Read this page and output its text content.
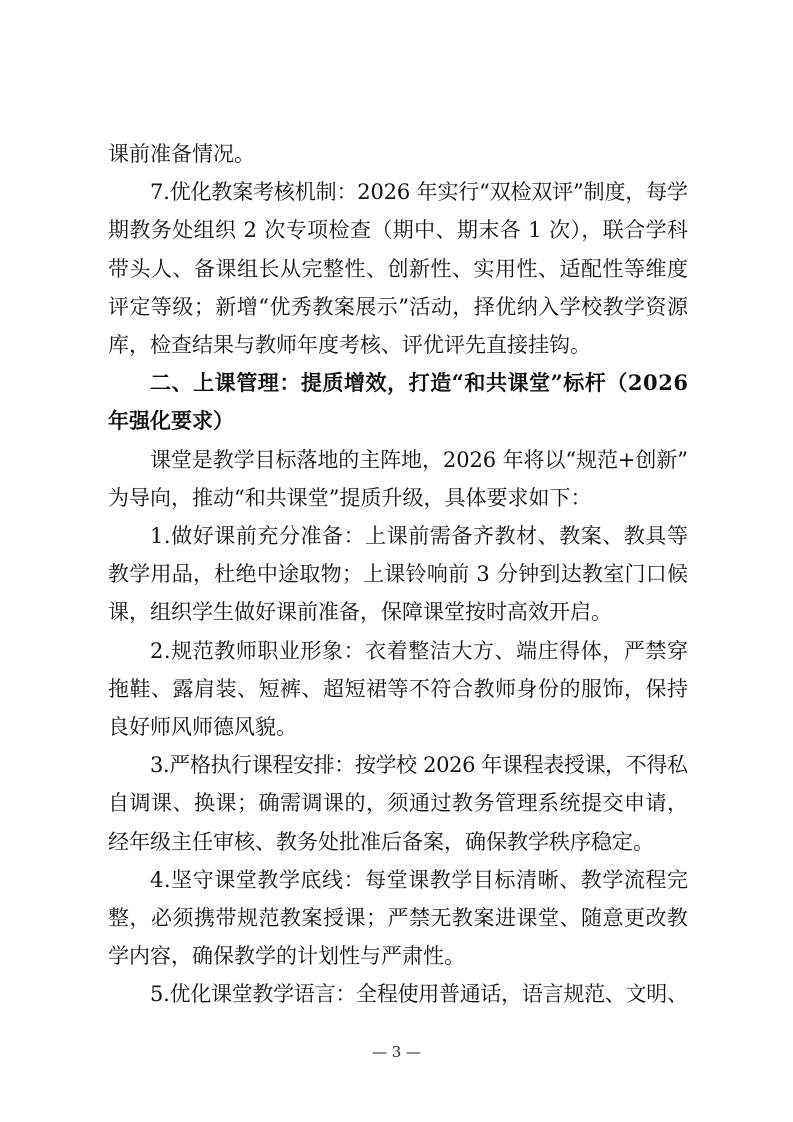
课前准备情况。
7.优化教案考核机制：2026 年实行“双检双评”制度，每学
期教务处组织 2 次专项检查（期中、期末各 1 次），联合学科
带头人、备课组长从完整性、创新性、实用性、适配性等维度
评定等级；新增“优秀教案展示”活动，择优纳入学校教学资源
库，检查结果与教师年度考核、评优评先直接挂钩。
二、上课管理：提质增效，打造“和共课堂”标杆（2026
年强化要求）
课堂是教学目标落地的主阵地，2026 年将以“规范+创新”
为导向，推动“和共课堂”提质升级，具体要求如下：
1.做好课前充分准备：上课前需备齐教材、教案、教具等
教学用品，杜绝中途取物；上课铃响前 3 分钟到达教室门口候
课，组织学生做好课前准备，保障课堂按时高效开启。
2.规范教师职业形象：衣着整洁大方、端庄得体，严禁穿
拖鞋、露肩装、短裤、超短裙等不符合教师身份的服饰，保持
良好师风师德风貌。
3.严格执行课程安排：按学校 2026 年课程表授课，不得私
自调课、换课；确需调课的，须通过教务管理系统提交申请，
经年级主任审核、教务处批准后备案，确保教学秩序稳定。
4.坚守课堂教学底线：每堂课教学目标清晰、教学流程完
整，必须携带规范教案授课；严禁无教案进课堂、随意更改教
学内容，确保教学的计划性与严肃性。
5.优化课堂教学语言：全程使用普通话，语言规范、文明、
— 3 —
